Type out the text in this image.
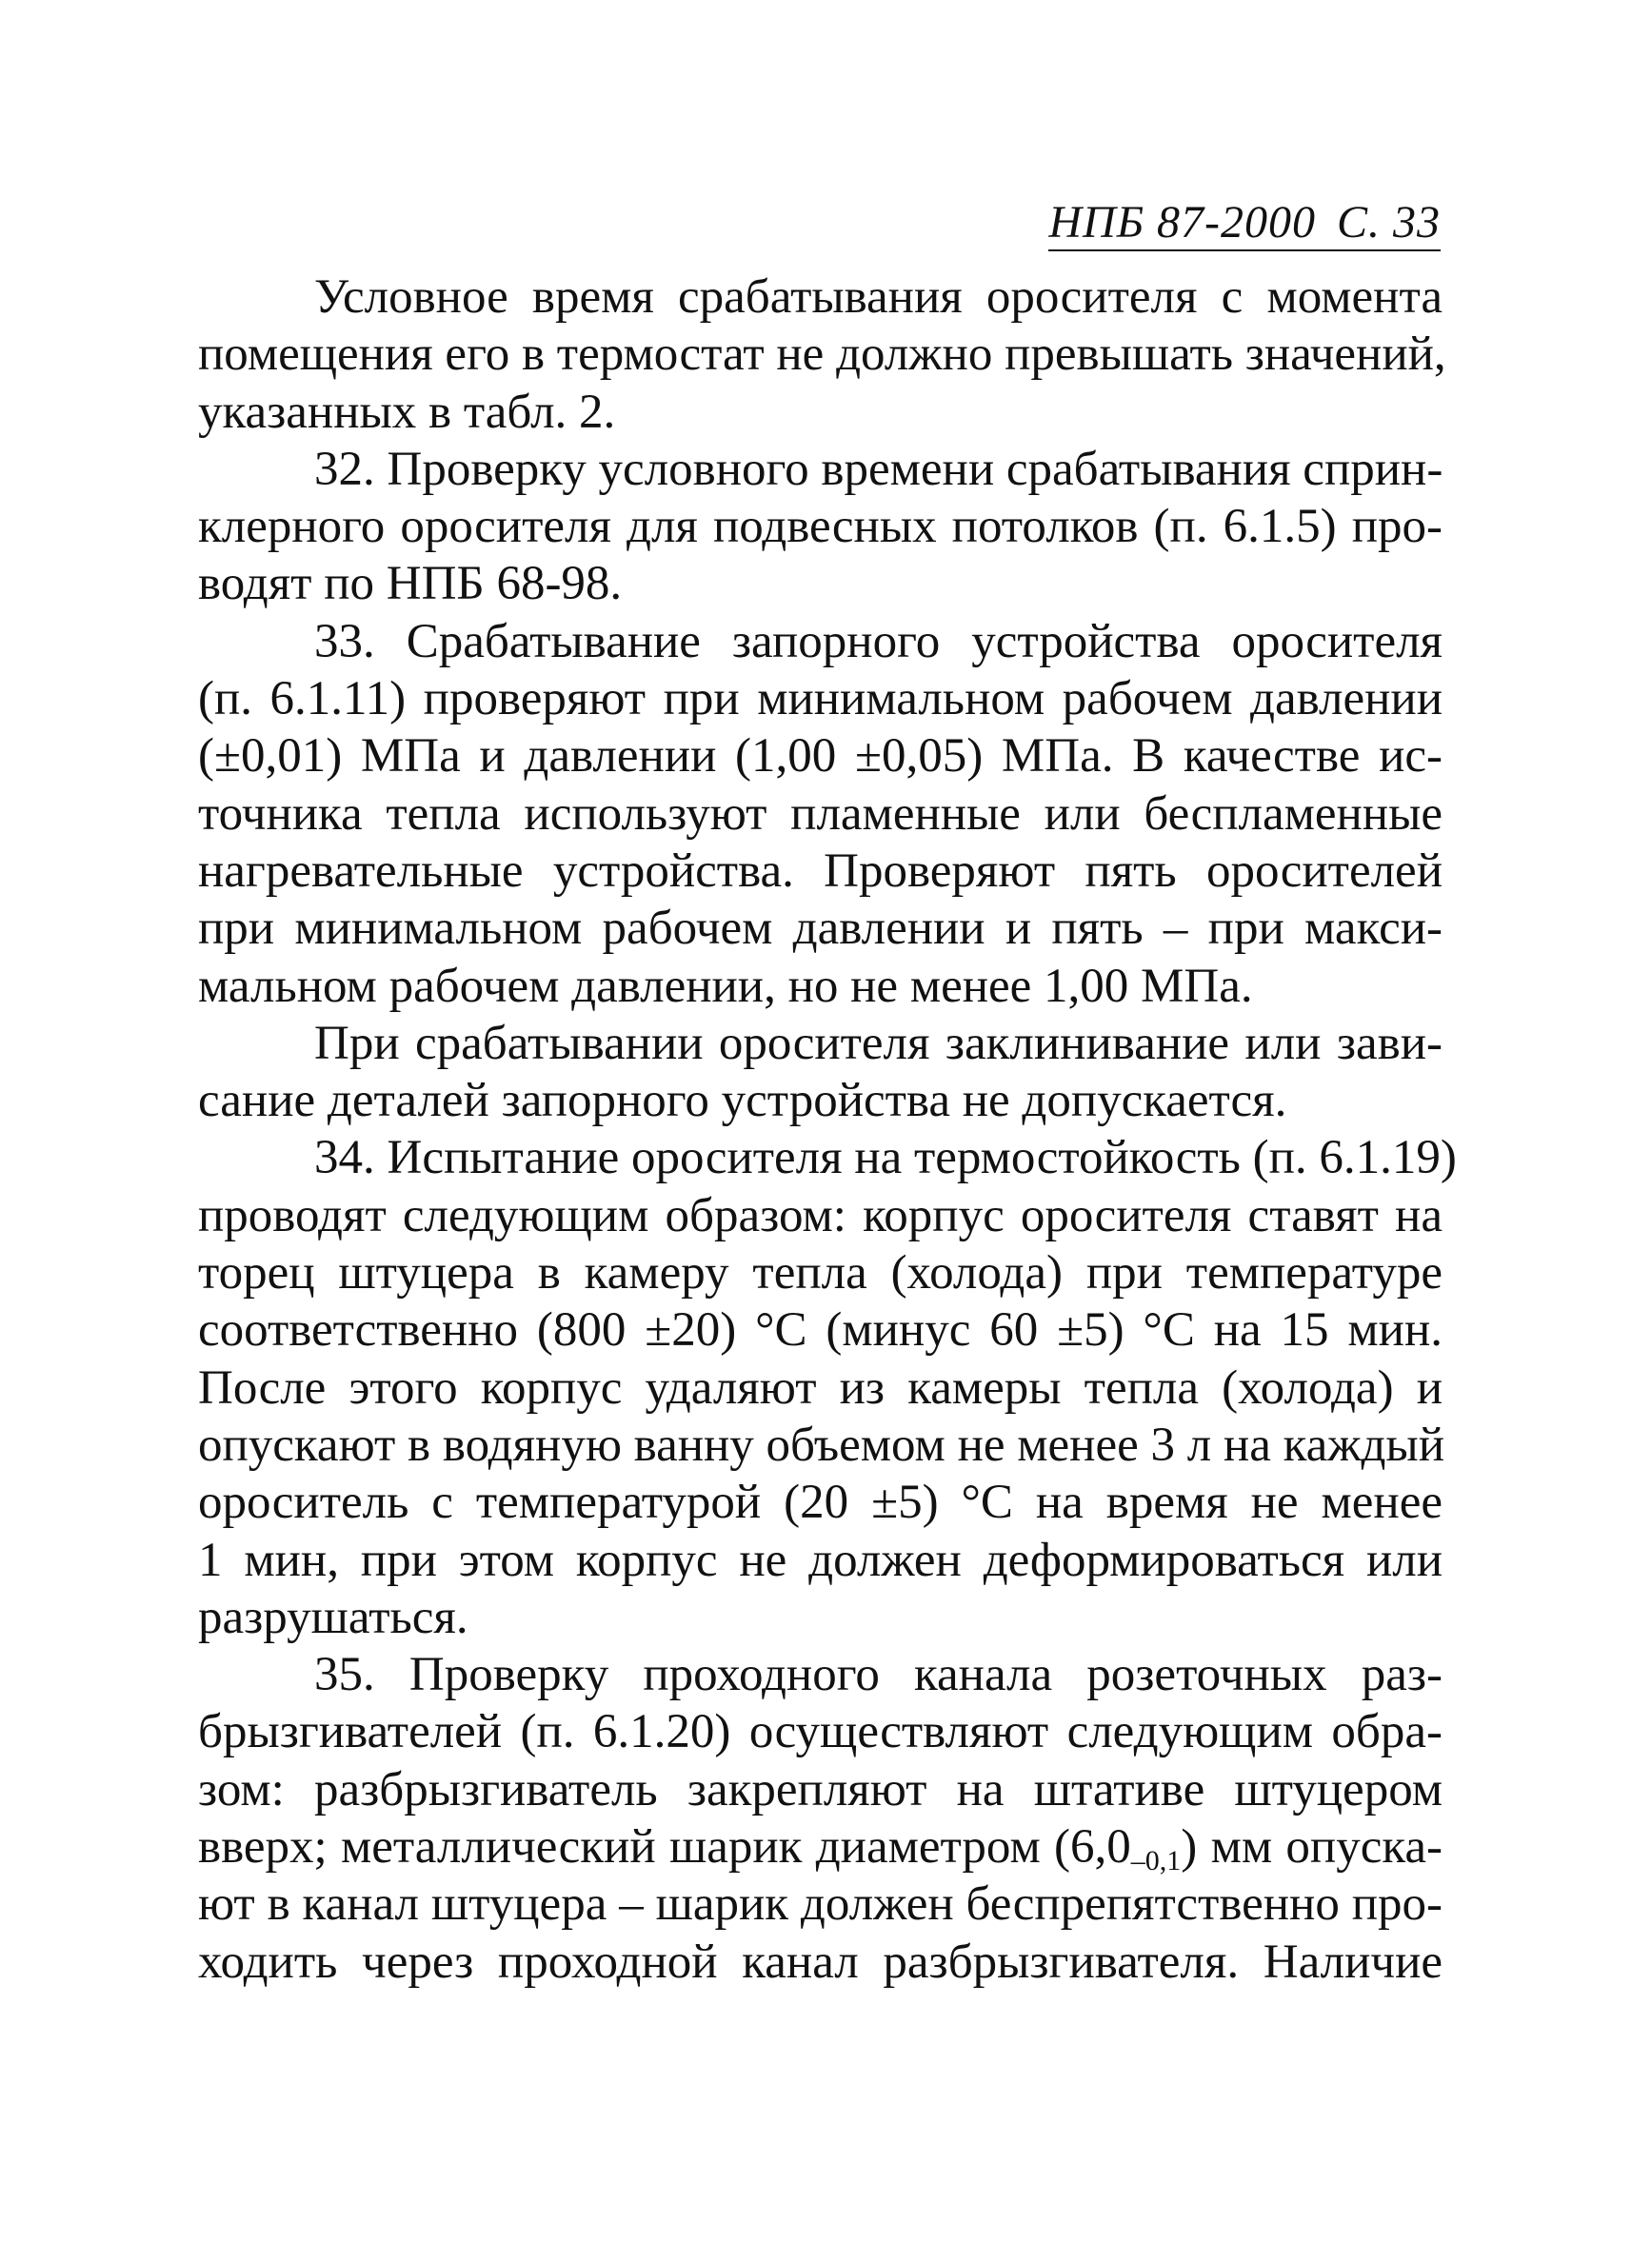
НПБ 87-2000 С. 33
Условное время срабатывания оросителя с момента
помещения его в термостат не должно превышать значений,
указанных в табл. 2.
32. Проверку условного времени срабатывания сприн-
клерного оросителя для подвесных потолков (п. 6.1.5) про-
водят по НПБ 68-98.
33. Срабатывание запорного устройства оросителя
(п. 6.1.11) проверяют при минимальном рабочем давлении
(±0,01) МПа и давлении (1,00 ±0,05) МПа. В качестве ис-
точника тепла используют пламенные или беспламенные
нагревательные устройства. Проверяют пять оросителей
при минимальном рабочем давлении и пять – при макси-
мальном рабочем давлении, но не менее 1,00 МПа.
При срабатывании оросителя заклинивание или зави-
сание деталей запорного устройства не допускается.
34. Испытание оросителя на термостойкость (п. 6.1.19)
проводят следующим образом: корпус оросителя ставят на
торец штуцера в камеру тепла (холода) при температуре
соответственно (800 ±20) °С (минус 60 ±5) °С на 15 мин.
После этого корпус удаляют из камеры тепла (холода) и
опускают в водяную ванну объемом не менее 3 л на каждый
ороситель с температурой (20 ±5) °С на время не менее
1 мин, при этом корпус не должен деформироваться или
разрушаться.
35. Проверку проходного канала розеточных раз-
брызгивателей (п. 6.1.20) осуществляют следующим обра-
зом: разбрызгиватель закрепляют на штативе штуцером
вверх; металлический шарик диаметром $(6,0_{-0,1})$ мм опуска-
ют в канал штуцера – шарик должен беспрепятственно про-
ходить через проходной канал разбрызгивателя. Наличие
